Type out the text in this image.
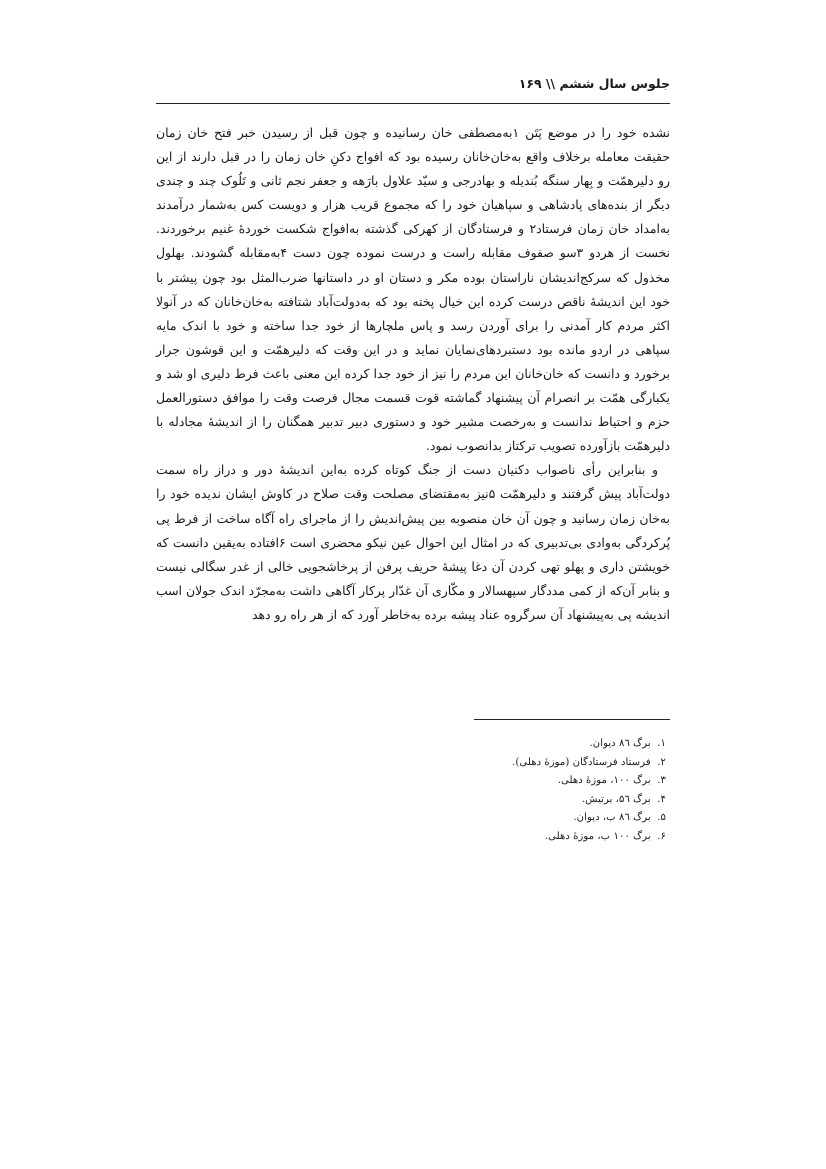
جلوس سال ششم \\ ۱۶۹

نشده خود را در موضع پَتَن ۱به‌مصطفی خان رسانیده و چون قبل از رسیدن خبر فتح خان زمان حقیقت معامله برخلاف واقع به‌خان‌خانان رسیده بود که افواج دکنِ خان زمان را در قبل دارند از این رو دلیرهمّت و بِهار سنگه بُندیله و بهادرجی و سیّد علاول بارَهه و جعفر نجم ثانی و تَلُوک چند و چندی دیگر از بنده‌های پادشاهی و سپاهیان خود را که مجموع قریب هزار و دویست کس به‌شمار درآمدند به‌امداد خان زمان فرستاد۲ و فرستادگان از کهرکی گذشته به‌افواج شکست خوردهٔ غنیم برخوردند. نخست از هردو ۳سو صفوف مقابله راست و درست نموده چون دست ۴به‌مقابله گشودند. بهلول مخذول که سرکج‌اندیشان ناراستان بوده مکر و دستان او در داستانها ضرب‌المثل بود چون پیشتر با خود این اندیشهٔ ناقص درست کرده این خیال پخته بود که به‌دولت‌آباد شتافته به‌خان‌خانان که در آنولا اکثر مردم کار آمدنی را برای آوردن رسد و پاس ملچارها از خود جدا ساخته و خود با اندک مایه سپاهی در اردو مانده بود دستبردهای‌نمایان نماید و در این وقت که دلیرهمّت و این قوشون جرار برخورد و دانست که خان‌خانان این مردم را نیز از خود جدا کرده این معنی باعث فرط دلیری او شد و یکبارگی همّت بر انصرام آن پیشنهاد گماشته قوت قسمت مجال فرصت وقت را موافق دستورالعمل حزم و احتیاط ندانست و به‌رخصت مشیر خود و دستوری دبیر تدبیر همگنان را از اندیشهٔ مجادله با دلیرهمّت بازآورده تصویب ترکتاز بدانصوب نمود.

و بنابراین رأی ناصواب دکنیان دست از جنگ کوتاه کرده به‌این اندیشهٔ دور و دراز راه سمت دولت‌آباد پیش گرفتند و دلیرهمّت ۵نیز به‌مقتضای مصلحت وقت صلاح در کاوش ایشان ندیده خود را به‌خان زمان رسانید و چون آن خان منصوبه بین پیش‌اندیش را از ماجرای راه آگاه ساخت از فرط پی پُرکردگی به‌وادی بی‌تدبیری که در امثال این احوال عین نیکو محضری است ۶افتاده به‌یقین دانست که خویشتن داری و پهلو تهی کردن آن دغا پیشهٔ حریف پرفن از پرخاشجویی خالی از غدر سگالی نیست و بنابر آن‌که از کمی مددگار سپهسالار و مکّاری آن غدّار پرکار آگاهی داشت به‌مجرّد اندک جولان اسب اندیشه پی به‌پیشنهاد آن سرگروه عناد پیشه برده به‌خاطر آورد که از هر راه رو دهد

۱. برگ ۸٦ دیوان.
۲. فرستاد فرستادگان (موزهٔ دهلی).
۳. برگ ۱۰۰، موزهٔ دهلی.
۴. برگ ۵٦، برتیش.
۵. برگ ۸٦ ب، دیوان.
۶. برگ ۱۰۰ ب، موزهٔ دهلی.
